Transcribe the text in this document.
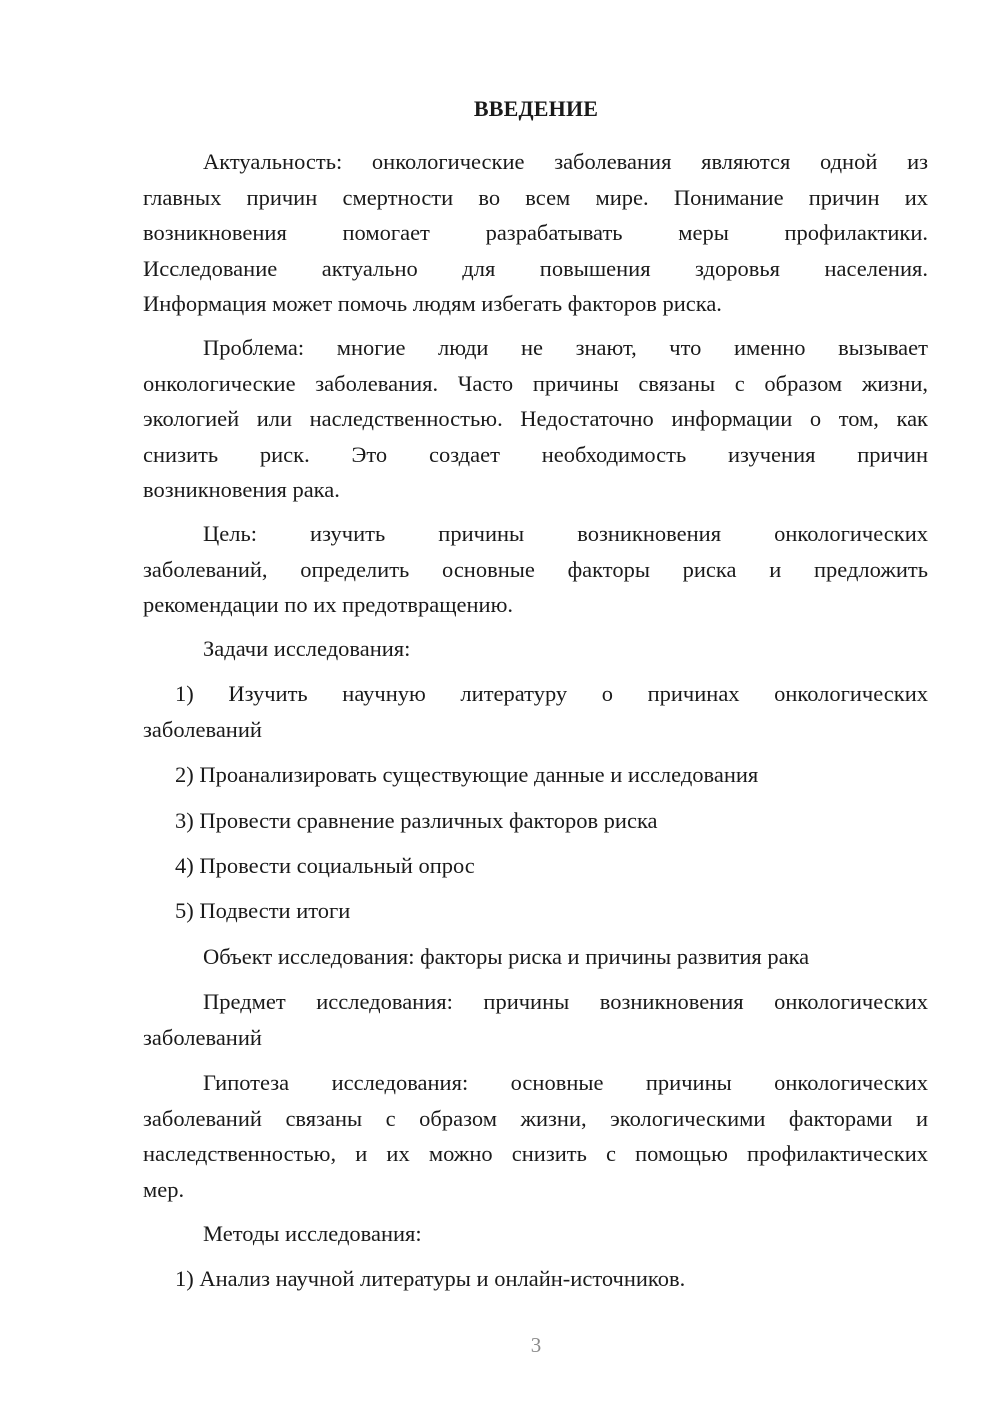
ВВЕДЕНИЕ
Актуальность: онкологические заболевания являются одной из
главных причин смертности во всем мире. Понимание причин их
возникновения помогает разрабатывать меры профилактики.
Исследование актуально для повышения здоровья населения.
Информация может помочь людям избегать факторов риска.
Проблема: многие люди не знают, что именно вызывает
онкологические заболевания. Часто причины связаны с образом жизни,
экологией или наследственностью. Недостаточно информации о том, как
снизить риск. Это создает необходимость изучения причин
возникновения рака.
Цель: изучить причины возникновения онкологических
заболеваний, определить основные факторы риска и предложить
рекомендации по их предотвращению.
Задачи исследования:
1) Изучить научную литературу о причинах онкологических
заболеваний
2) Проанализировать существующие данные и исследования
3) Провести сравнение различных факторов риска
4) Провести социальный опрос
5) Подвести итоги
Объект исследования: факторы риска и причины развития рака
Предмет исследования: причины возникновения онкологических
заболеваний
Гипотеза исследования: основные причины онкологических
заболеваний связаны с образом жизни, экологическими факторами и
наследственностью, и их можно снизить с помощью профилактических
мер.
Методы исследования:
1) Анализ научной литературы и онлайн-источников.
3
